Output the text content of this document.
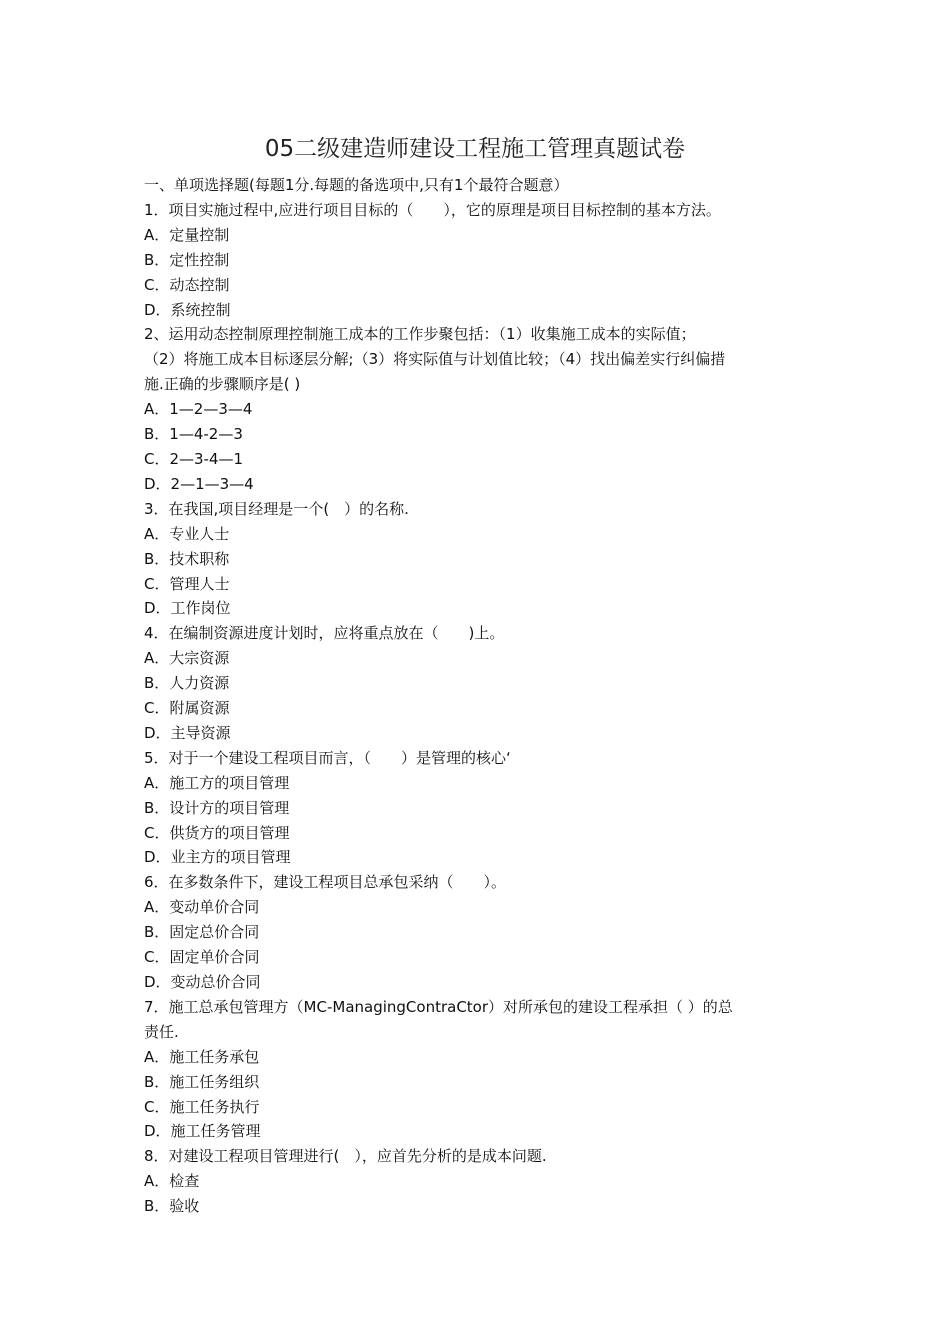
05二级建造师建设工程施工管理真题试卷

一、单项选择题(每题1分.每题的备选项中,只有1个最符合题意）

1．项目实施过程中,应进行项目目标的（　　），它的原理是项目目标控制的基本方法。

A．定量控制

B．定性控制

C．动态控制

D．系统控制

2、运用动态控制原理控制施工成本的工作步聚包括：（1）收集施工成本的实际值；

（2）将施工成本目标逐层分解;（3）将实际值与计划值比较；（4）找出偏差实行纠偏措

施.正确的步骤顺序是( )

A．1—2—3—4

B．1—4-2—3

C．2—3-4—1

D．2—1—3—4

3．在我国,项目经理是一个(　）的名称.

A．专业人士

B．技术职称

C．管理人士

D．工作岗位

4．在编制资源进度计划时，应将重点放在（　　)上。

A．大宗资源

B．人力资源

C．附属资源

D．主导资源

5．对于一个建设工程项目而言，（　　）是管理的核心‘

A．施工方的项目管理

B．设计方的项目管理

C．供货方的项目管理

D．业主方的项目管理

6．在多数条件下，建设工程项目总承包采纳（　　）。

A．变动单价合同

B．固定总价合同

C．固定单价合同

D．变动总价合同

7．施工总承包管理方（MC-ManagingContraCtor）对所承包的建设工程承担（ ）的总

责任.

A．施工任务承包

B．施工任务组织

C．施工任务执行

D．施工任务管理

8．对建设工程项目管理进行(　），应首先分析的是成本问题.

A．检查

B．验收
